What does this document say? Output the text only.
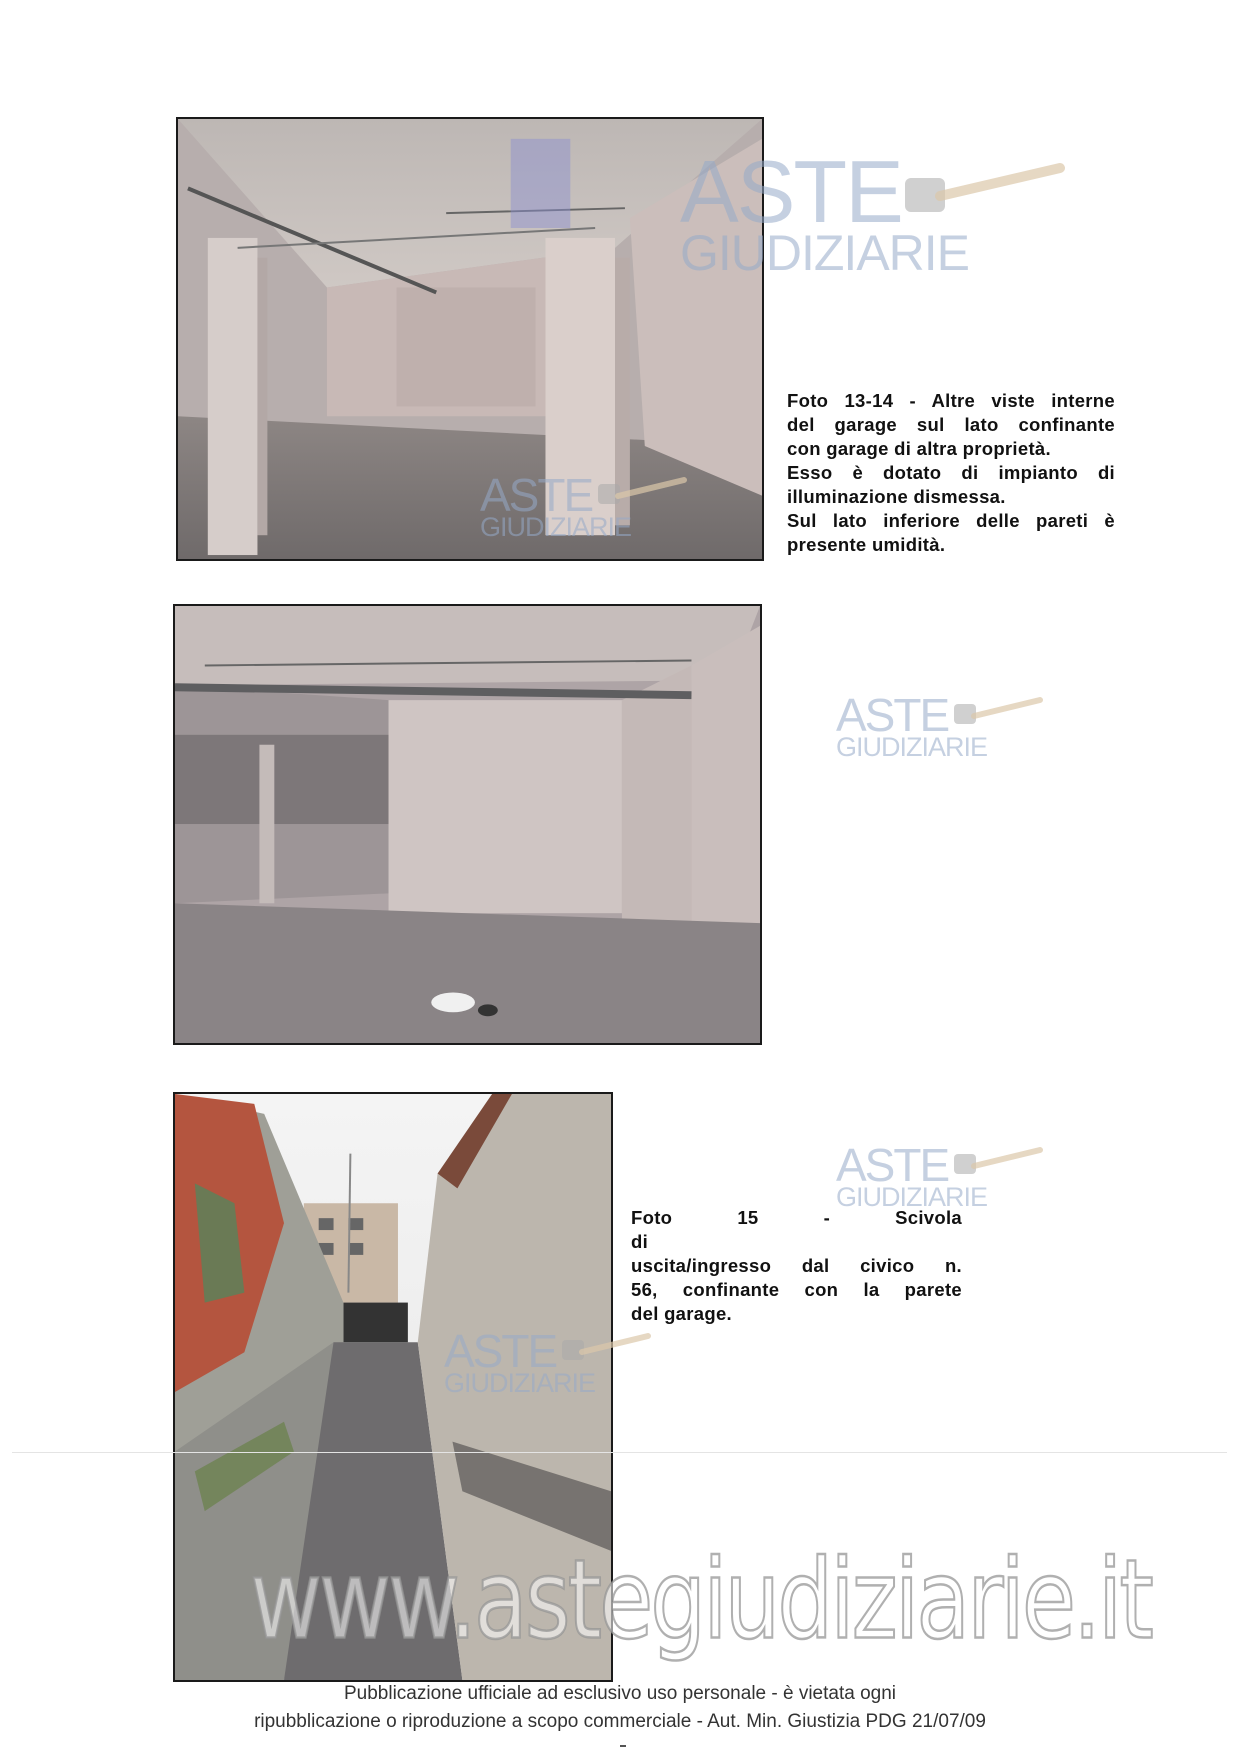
Foto 13-14 - Altre viste interne
del garage sul lato confinante
con garage di altra proprietà.
Esso è dotato di impianto di
illuminazione dismessa.
Sul lato inferiore delle pareti è
presente umidità.
Foto 15 - Scivola di
uscita/ingresso dal civico n.
56, confinante con la parete
del garage.
ASTE
GIUDIZIARIE
ASTE
GIUDIZIARIE
ASTE
GIUDIZIARIE
ASTE
GIUDIZIARIE
ASTE
GIUDIZIARIE
www.astegiudiziarie.it
Pubblicazione ufficiale ad esclusivo uso personale - è vietata ogni
ripubblicazione o riproduzione a scopo commerciale - Aut. Min. Giustizia PDG 21/07/09
